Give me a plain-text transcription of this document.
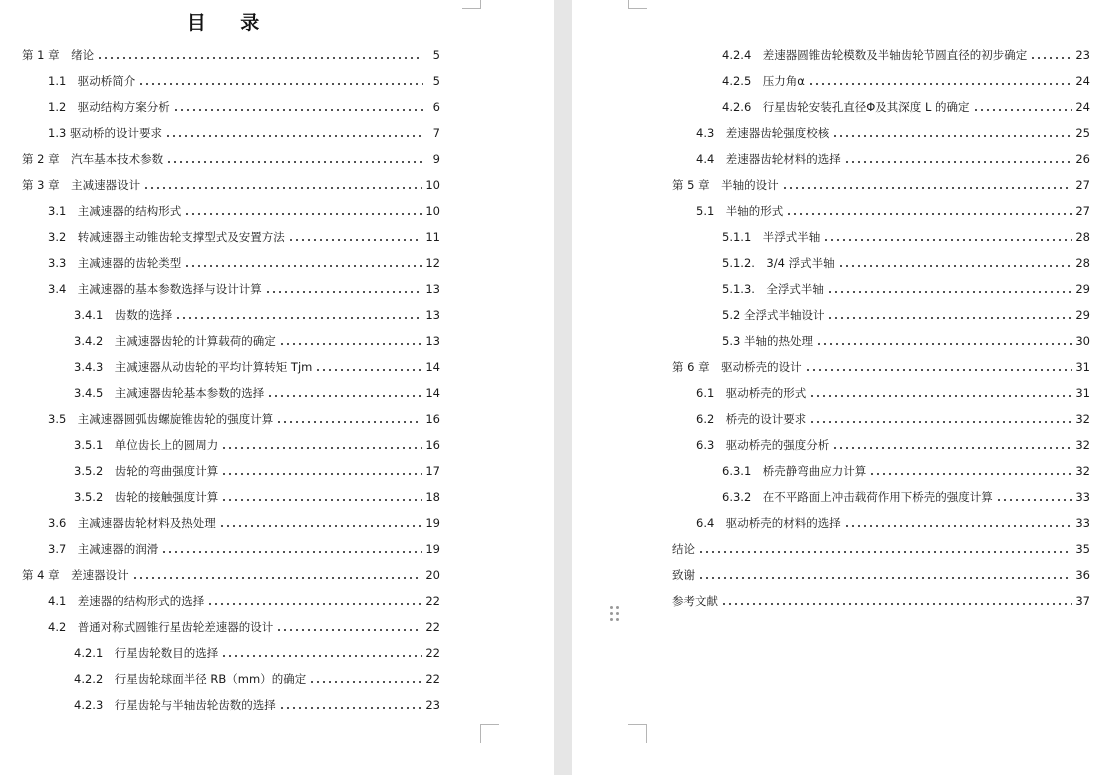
目 录
第 1 章　绪论	5
1.1　驱动桥简介	5
1.2　驱动结构方案分析	6
1.3 驱动桥的设计要求	7
第 2 章　汽车基本技术参数	9
第 3 章　主减速器设计	10
3.1　主减速器的结构形式	10
3.2　转减速器主动锥齿轮支撑型式及安置方法	11
3.3　主减速器的齿轮类型	12
3.4　主减速器的基本参数选择与设计计算	13
3.4.1　齿数的选择	13
3.4.2　主减速器齿轮的计算载荷的确定	13
3.4.3　主减速器从动齿轮的平均计算转矩 Tjm	14
3.4.5　主减速器齿轮基本参数的选择	14
3.5　主减速器圆弧齿螺旋锥齿轮的强度计算	16
3.5.1　单位齿长上的圆周力	16
3.5.2　齿轮的弯曲强度计算	17
3.5.2　齿轮的接触强度计算	18
3.6　主减速器齿轮材料及热处理	19
3.7　主减速器的润滑	19
第 4 章　差速器设计	20
4.1　差速器的结构形式的选择	22
4.2　普通对称式圆锥行星齿轮差速器的设计	22
4.2.1　行星齿轮数目的选择	22
4.2.2　行星齿轮球面半径 RB（mm）的确定	22
4.2.3　行星齿轮与半轴齿轮齿数的选择	23
4.2.4　差速器圆锥齿轮模数及半轴齿轮节圆直径的初步确定	23
4.2.5　压力角α	24
4.2.6　行星齿轮安装孔直径Φ及其深度 L 的确定	24
4.3　差速器齿轮强度校核	25
4.4　差速器齿轮材料的选择	26
第 5 章　半轴的设计	27
5.1　半轴的形式	27
5.1.1　半浮式半轴	28
5.1.2.　3/4 浮式半轴	28
5.1.3.　全浮式半轴	29
5.2 全浮式半轴设计	29
5.3 半轴的热处理	30
第 6 章　驱动桥壳的设计	31
6.1　驱动桥壳的形式	31
6.2　桥壳的设计要求	32
6.3　驱动桥壳的强度分析	32
6.3.1　桥壳静弯曲应力计算	32
6.3.2　在不平路面上冲击载荷作用下桥壳的强度计算	33
6.4　驱动桥壳的材料的选择	33
结论	35
致谢	36
参考文献	37
